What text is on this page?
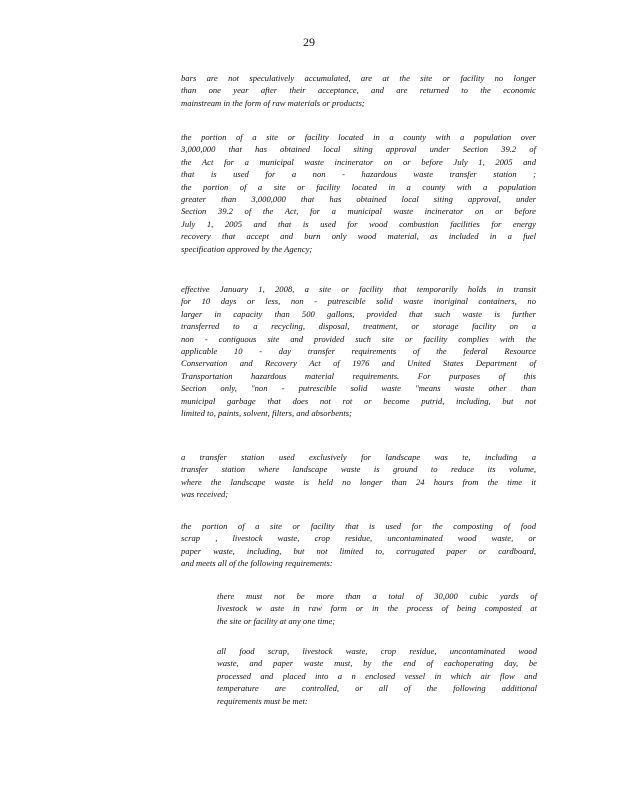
29
bars are not speculatively accumulated, are at the site or facility no longer
than one year after their acceptance, and are returned to the economic
mainstream in the form of raw materials or products;
the portion of a site or facility located in a county with a population over
3,000,000 that has obtained local siting approval under Section 39.2 of
the Act for a municipal waste incinerator on or before July 1, 2005 and
that is used for a non - hazardous waste transfer station ;
the portion of a site or facility located in a county with a population
greater than 3,000,000 that has obtained local siting approval, under
Section 39.2 of the Act, for a municipal waste incinerator on or before
July 1, 2005 and that is used for wood combustion facilities for energy
recovery that accept and burn only wood material, as included in a fuel
specification approved by the Agency;
effective January 1, 2008, a site or facility that temporarily holds in transit
for 10 days or less, non - putrescible solid waste inoriginal containers, no
larger in capacity than 500 gallons, provided that such waste is further
transferred to a recycling, disposal, treatment, or storage facility on a
non - contiguous site and provided such site or facility complies with the
applicable 10 - day transfer requirements of the federal Resource
Conservation and Recovery Act of 1976 and United States Department of
Transportation hazardous material requirements. For purposes of this
Section only, "non - putrescible solid waste "means waste other than
municipal garbage that does not rot or become putrid, including, but not
limited to, paints, solvent, filters, and absorbents;
a transfer station used exclusively for landscape was te, including a
transfer station where landscape waste is ground to reduce its volume,
where the landscape waste is held no longer than 24 hours from the time it
was received;
the portion of a site or facility that is used for the composting of food
scrap , livestock waste, crop residue, uncontaminated wood waste, or
paper waste, including, but not limited to, corrugated paper or cardboard,
and meets all of the following requirements:
there must not be more than a total of 30,000 cubic yards of
livestock w aste in raw form or in the process of being composted at
the site or facility at any one time;
all food scrap, livestock waste, crop residue, uncontaminated wood
waste, and paper waste must, by the end of eachoperating day, be
processed and placed into a n enclosed vessel in which air flow and
temperature are controlled, or all of the following additional
requirements must be met:
